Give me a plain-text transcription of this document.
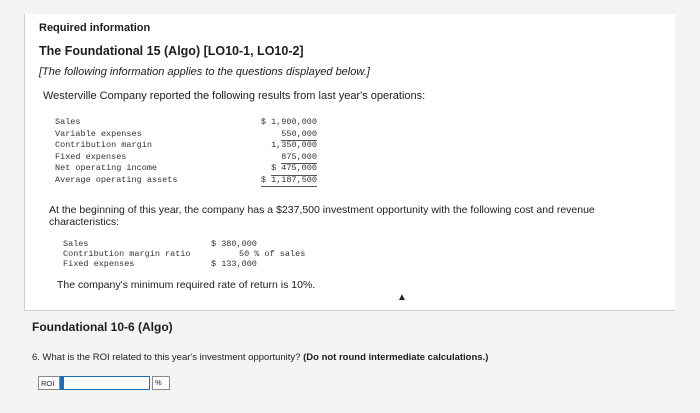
Required information
The Foundational 15 (Algo) [LO10-1, LO10-2]
[The following information applies to the questions displayed below.]
Westerville Company reported the following results from last year's operations:
Sales	$ 1,900,000
Variable expenses	550,000
Contribution margin	1,350,000
Fixed expenses	875,000
Net operating income	$ 475,000
Average operating assets	$ 1,187,500
At the beginning of this year, the company has a $237,500 investment opportunity with the following cost and revenue characteristics:
Sales	$ 380,000
Contribution margin ratio	50 % of sales
Fixed expenses	$ 133,000
The company's minimum required rate of return is 10%.
▲
Foundational 10-6 (Algo)
6. What is the ROI related to this year's investment opportunity? (Do not round intermediate calculations.)
ROI	%
